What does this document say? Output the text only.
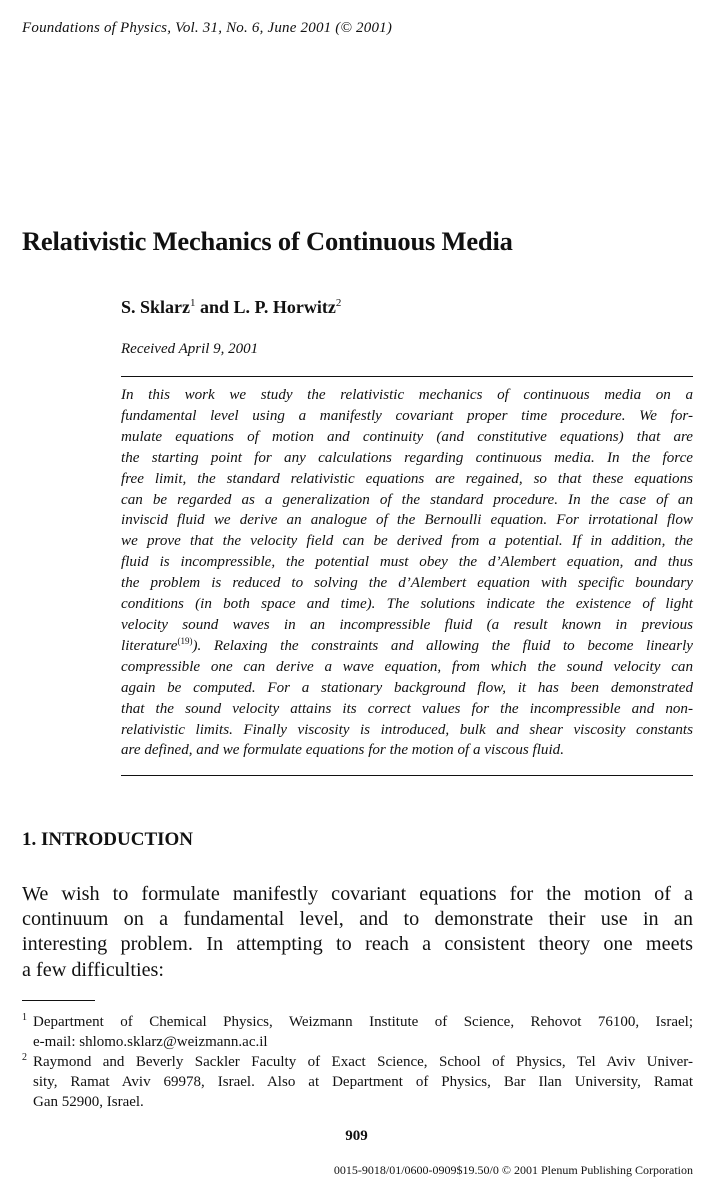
Foundations of Physics, Vol. 31, No. 6, June 2001 (© 2001)
Relativistic Mechanics of Continuous Media
S. Sklarz$^1$ and L. P. Horwitz$^2$
Received April 9, 2001
In this work we study the relativistic mechanics of continuous media on a
fundamental level using a manifestly covariant proper time procedure. We for-
mulate equations of motion and continuity (and constitutive equations) that are
the starting point for any calculations regarding continuous media. In the force
free limit, the standard relativistic equations are regained, so that these equations
can be regarded as a generalization of the standard procedure. In the case of an
inviscid fluid we derive an analogue of the Bernoulli equation. For irrotational flow
we prove that the velocity field can be derived from a potential. If in addition, the
fluid is incompressible, the potential must obey the d’Alembert equation, and thus
the problem is reduced to solving the d’Alembert equation with specific boundary
conditions (in both space and time). The solutions indicate the existence of light
velocity sound waves in an incompressible fluid (a result known in previous
literature$^{(19)}$). Relaxing the constraints and allowing the fluid to become linearly
compressible one can derive a wave equation, from which the sound velocity can
again be computed. For a stationary background flow, it has been demonstrated
that the sound velocity attains its correct values for the incompressible and non-
relativistic limits. Finally viscosity is introduced, bulk and shear viscosity constants
are defined, and we formulate equations for the motion of a viscous fluid.
1. INTRODUCTION
We wish to formulate manifestly covariant equations for the motion of a
continuum on a fundamental level, and to demonstrate their use in an
interesting problem. In attempting to reach a consistent theory one meets
a few difficulties:
1 Department of Chemical Physics, Weizmann Institute of Science, Rehovot 76100, Israel;
e-mail: shlomo.sklarz@weizmann.ac.il
2 Raymond and Beverly Sackler Faculty of Exact Science, School of Physics, Tel Aviv Univer-
sity, Ramat Aviv 69978, Israel. Also at Department of Physics, Bar Ilan University, Ramat
Gan 52900, Israel.
909
0015-9018/01/0600-0909$19.50/0 © 2001 Plenum Publishing Corporation
